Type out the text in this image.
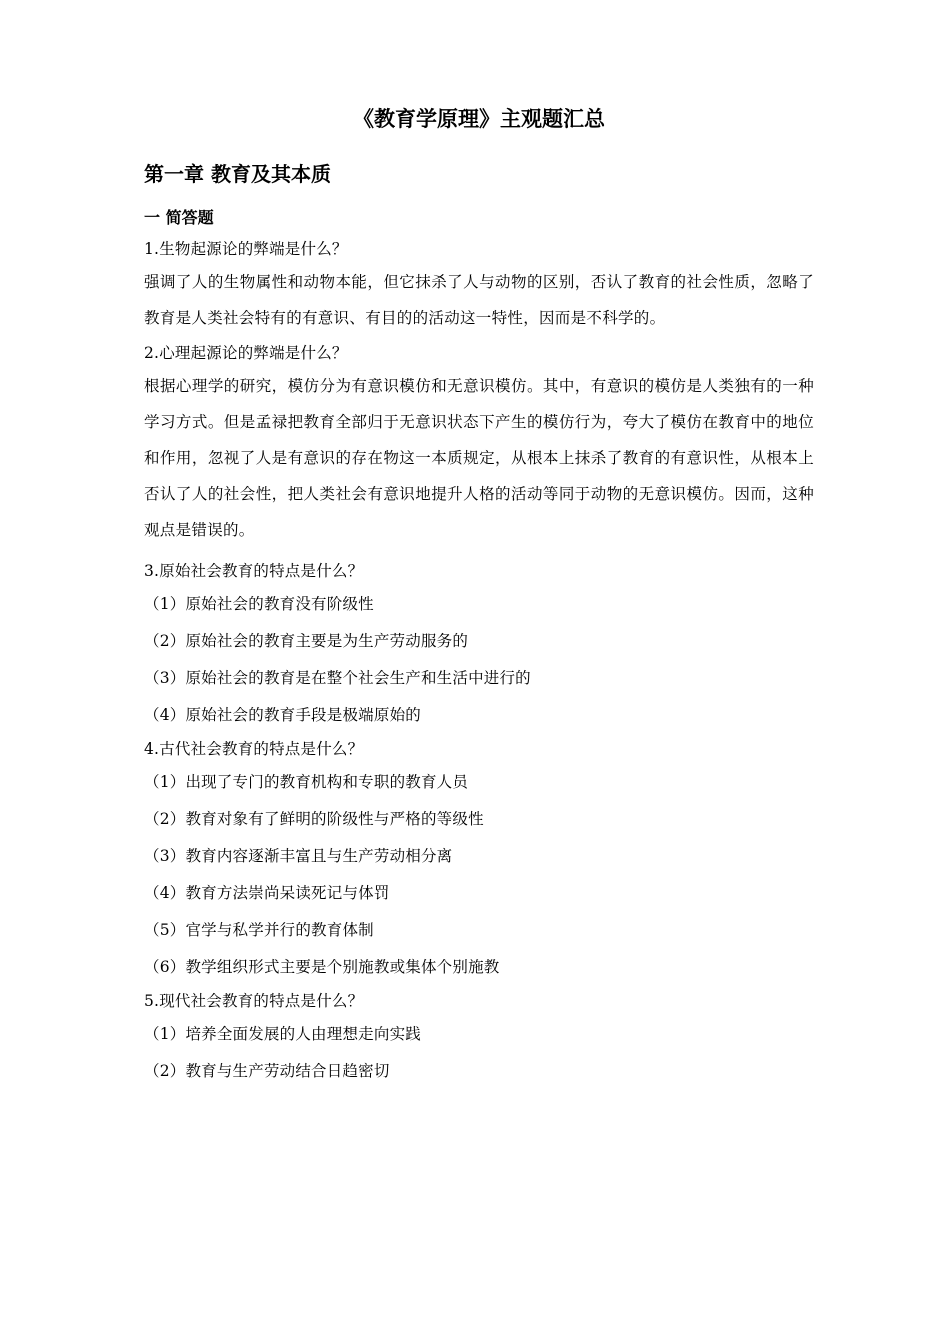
《教育学原理》主观题汇总
第一章 教育及其本质
一 简答题
1.生物起源论的弊端是什么？
强调了人的生物属性和动物本能，但它抹杀了人与动物的区别，否认了教育的社会性质，忽略了教育是人类社会特有的有意识、有目的的活动这一特性，因而是不科学的。
2.心理起源论的弊端是什么？
根据心理学的研究，模仿分为有意识模仿和无意识模仿。其中，有意识的模仿是人类独有的一种学习方式。但是孟禄把教育全部归于无意识状态下产生的模仿行为，夸大了模仿在教育中的地位和作用，忽视了人是有意识的存在物这一本质规定，从根本上抹杀了教育的有意识性，从根本上否认了人的社会性，把人类社会有意识地提升人格的活动等同于动物的无意识模仿。因而，这种观点是错误的。
3.原始社会教育的特点是什么？
（1）原始社会的教育没有阶级性
（2）原始社会的教育主要是为生产劳动服务的
（3）原始社会的教育是在整个社会生产和生活中进行的
（4）原始社会的教育手段是极端原始的
4.古代社会教育的特点是什么？
（1）出现了专门的教育机构和专职的教育人员
（2）教育对象有了鲜明的阶级性与严格的等级性
（3）教育内容逐渐丰富且与生产劳动相分离
（4）教育方法崇尚呆读死记与体罚
（5）官学与私学并行的教育体制
（6）教学组织形式主要是个别施教或集体个别施教
5.现代社会教育的特点是什么？
（1）培养全面发展的人由理想走向实践
（2）教育与生产劳动结合日趋密切
